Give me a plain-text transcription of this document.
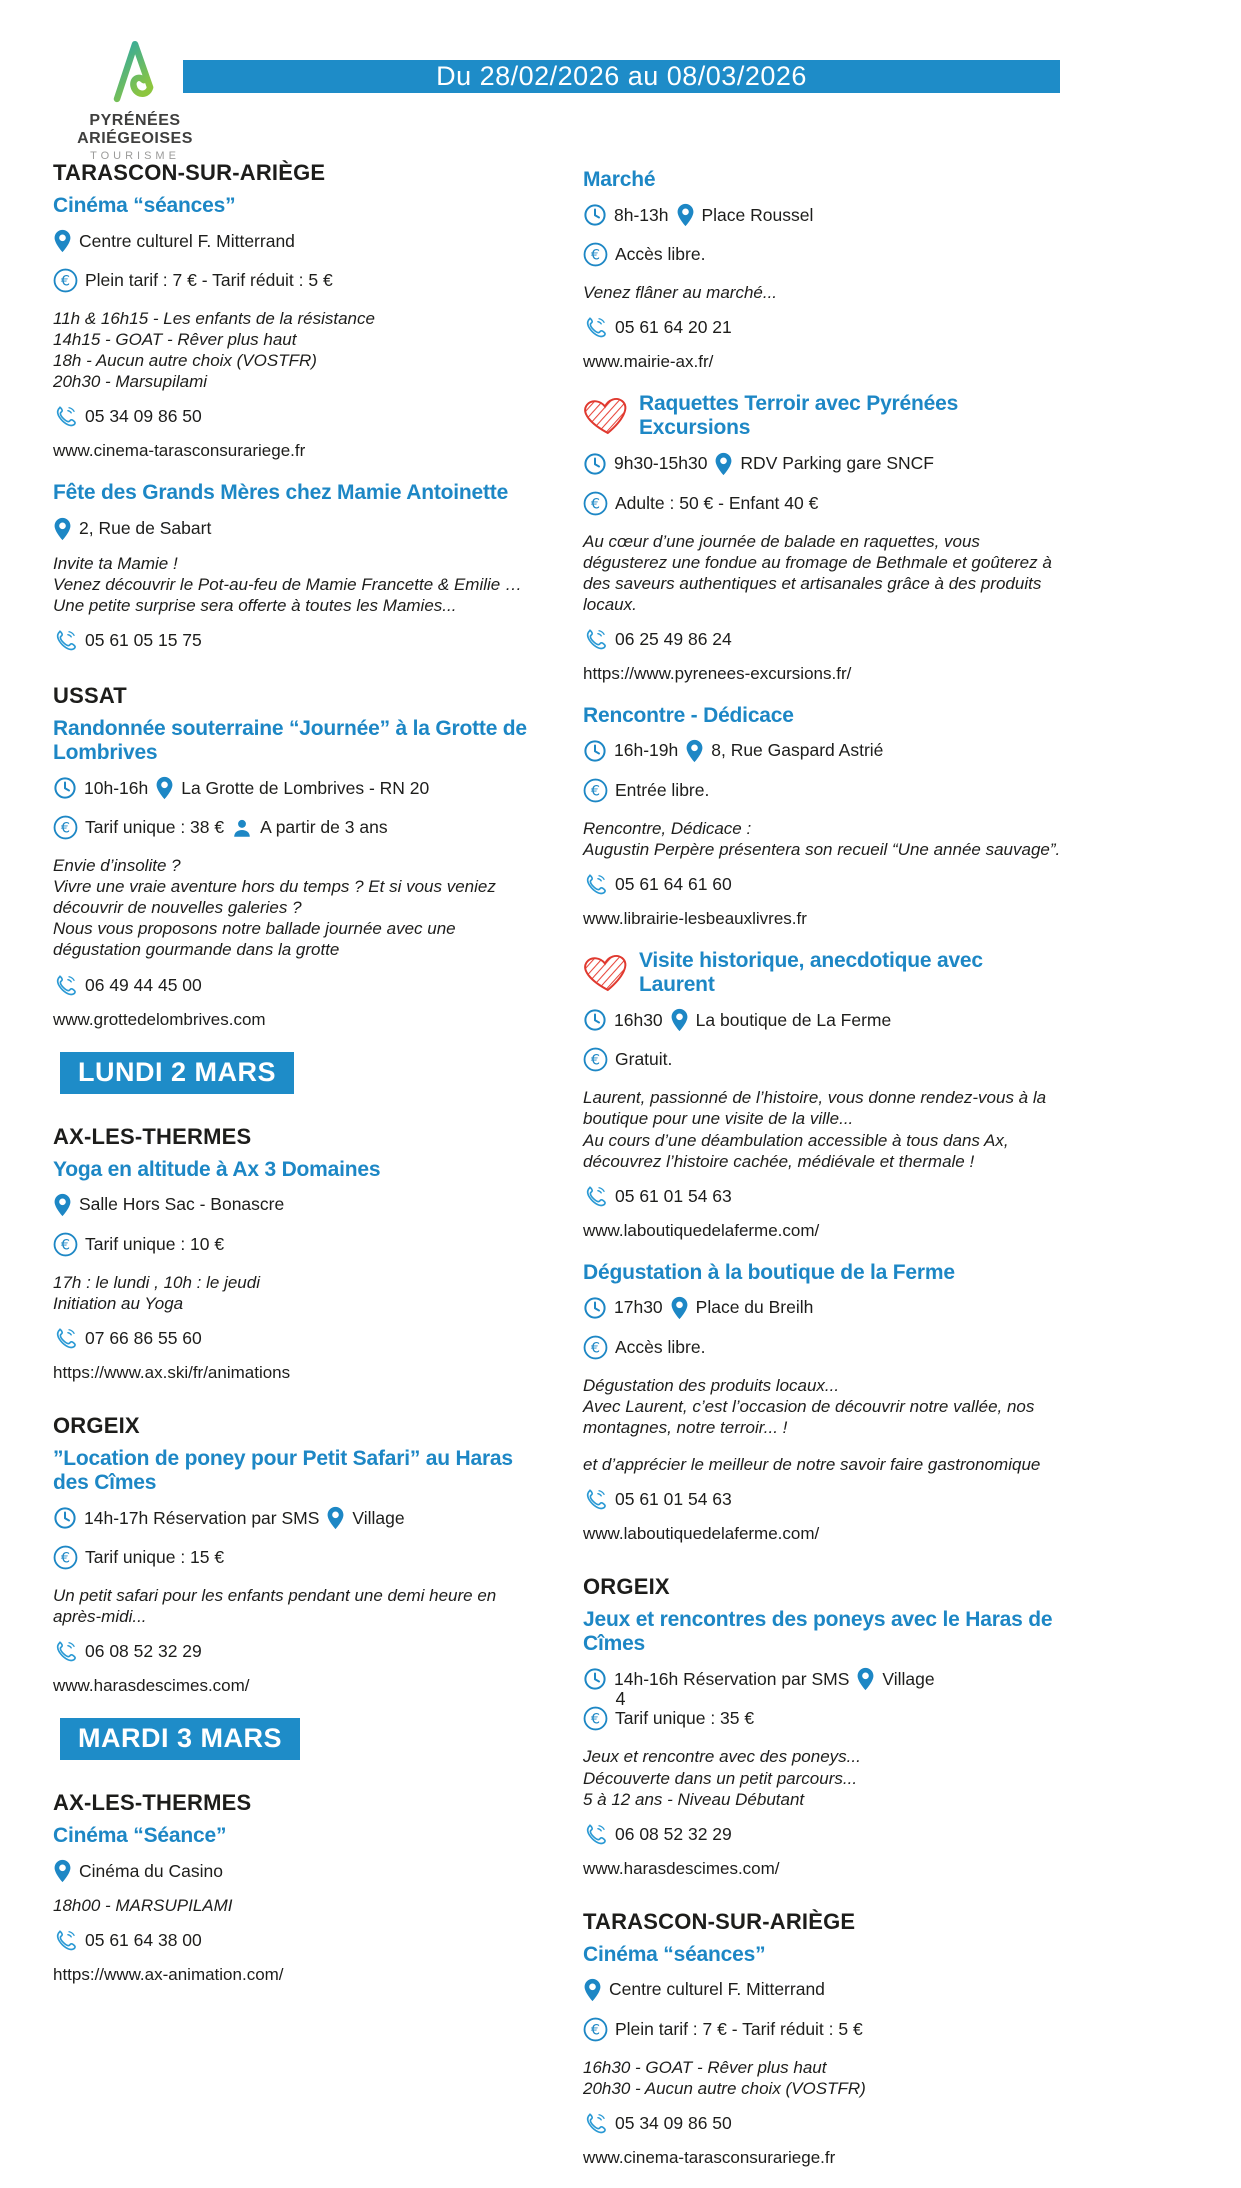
PYRÉNÉES
ARIÉGEOISES
TOURISME
Du 28/02/2026 au 08/03/2026
TARASCON-SUR-ARIÈGE
Cinéma “séances”
Centre culturel F. Mitterrand
€ Plein tarif : 7 € - Tarif réduit : 5 €
11h & 16h15 - Les enfants de la résistance
14h15 - GOAT - Rêver plus haut
18h - Aucun autre choix (VOSTFR)
20h30 - Marsupilami
05 34 09 86 50
www.cinema-tarasconsurariege.fr
Fête des Grands Mères chez Mamie Antoinette
2, Rue de Sabart
Invite ta Mamie !
Venez découvrir le Pot-au-feu de Mamie Francette & Emilie …
Une petite surprise sera offerte à toutes les Mamies...
05 61 05 15 75
USSAT
Randonnée souterraine “Journée” à la Grotte de Lombrives
10h-16h La Grotte de Lombrives - RN 20
€ Tarif unique : 38 € A partir de 3 ans
Envie d’insolite ?
Vivre une vraie aventure hors du temps ? Et si vous veniez découvrir de nouvelles galeries ?
Nous vous proposons notre ballade journée avec une dégustation gourmande dans la grotte
06 49 44 45 00
www.grottedelombrives.com
LUNDI 2 MARS
AX-LES-THERMES
Yoga en altitude à Ax 3 Domaines
Salle Hors Sac - Bonascre
€ Tarif unique : 10 €
17h : le lundi , 10h : le jeudi
Initiation au Yoga
07 66 86 55 60
https://www.ax.ski/fr/animations
ORGEIX
”Location de poney pour Petit Safari” au Haras des Cîmes
14h-17h Réservation par SMS Village
€ Tarif unique : 15 €
Un petit safari pour les enfants pendant une demi heure en après-midi...
06 08 52 32 29
www.harasdescimes.com/
MARDI 3 MARS
AX-LES-THERMES
Cinéma “Séance”
Cinéma du Casino
18h00 - MARSUPILAMI
05 61 64 38 00
https://www.ax-animation.com/
Marché
8h-13h Place Roussel
€ Accès libre.
Venez flâner au marché...
05 61 64 20 21
www.mairie-ax.fr/
Raquettes Terroir avec Pyrénées Excursions
9h30-15h30 RDV Parking gare SNCF
€ Adulte : 50 € - Enfant 40 €
Au cœur d’une journée de balade en raquettes, vous dégusterez une fondue au fromage de Bethmale et goûterez à des saveurs authentiques et artisanales grâce à des produits locaux.
06 25 49 86 24
https://www.pyrenees-excursions.fr/
Rencontre - Dédicace
16h-19h 8, Rue Gaspard Astrié
€ Entrée libre.
Rencontre, Dédicace :
Augustin Perpère présentera son recueil “Une année sauvage”.
05 61 64 61 60
www.librairie-lesbeauxlivres.fr
Visite historique, anecdotique avec Laurent
16h30 La boutique de La Ferme
€ Gratuit.
Laurent, passionné de l’histoire, vous donne rendez-vous à la boutique pour une visite de la ville...
Au cours d’une déambulation accessible à tous dans Ax, découvrez l’histoire cachée, médiévale et thermale !
05 61 01 54 63
www.laboutiquedelaferme.com/
Dégustation à la boutique de la Ferme
17h30 Place du Breilh
€ Accès libre.
Dégustation des produits locaux...
Avec Laurent, c’est l’occasion de découvrir notre vallée, nos montagnes, notre terroir... !
et d’apprécier le meilleur de notre savoir faire gastronomique
05 61 01 54 63
www.laboutiquedelaferme.com/
ORGEIX
Jeux et rencontres des poneys avec le Haras de Cîmes
14h-16h Réservation par SMS Village
€ Tarif unique : 35 €
Jeux et rencontre avec des poneys...
Découverte dans un petit parcours...
5 à 12 ans - Niveau Débutant
06 08 52 32 29
www.harasdescimes.com/
TARASCON-SUR-ARIÈGE
Cinéma “séances”
Centre culturel F. Mitterrand
€ Plein tarif : 7 € - Tarif réduit : 5 €
16h30 - GOAT - Rêver plus haut
20h30 - Aucun autre choix (VOSTFR)
05 34 09 86 50
www.cinema-tarasconsurariege.fr
4
